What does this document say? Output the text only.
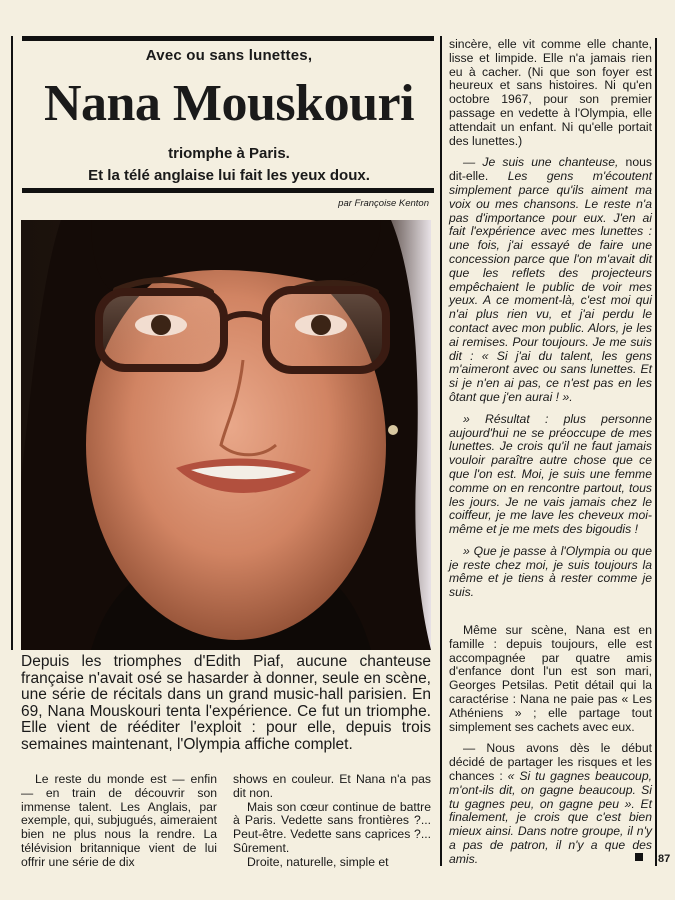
Avec ou sans lunettes,
Nana Mouskouri
triomphe à Paris.
Et la télé anglaise lui fait les yeux doux.
par Françoise Kenton
Depuis les triomphes d'Edith Piaf, aucune chanteuse française n'avait osé se hasarder à donner, seule en scène, une série de récitals dans un grand music-hall parisien. En 69, Nana Mouskouri tenta l'expérience. Ce fut un triomphe. Elle vient de rééditer l'exploit : pour elle, depuis trois semaines maintenant, l'Olympia affiche complet.

Le reste du monde est — enfin — en train de découvrir son immense talent. Les Anglais, par exemple, qui, subjugués, aimeraient bien ne plus nous la rendre. La télévision britannique vient de lui offrir une série de dix

shows en couleur. Et Nana n'a pas dit non.

Mais son cœur continue de battre à Paris. Vedette sans frontières ?... Peut-être. Vedette sans caprices ?... Sûrement.

Droite, naturelle, simple et

sincère, elle vit comme elle chante, lisse et limpide. Elle n'a jamais rien eu à cacher. (Ni que son foyer est heureux et sans histoires. Ni qu'en octobre 1967, pour son premier passage en vedette à l'Olympia, elle attendait un enfant. Ni qu'elle portait des lunettes.)

— Je suis une chanteuse, nous dit-elle. Les gens m'écoutent simplement parce qu'ils aiment ma voix ou mes chansons. Le reste n'a pas d'importance pour eux. J'en ai fait l'expérience avec mes lunettes : une fois, j'ai essayé de faire une concession parce que l'on m'avait dit que les reflets des projecteurs empêchaient le public de voir mes yeux. A ce moment-là, c'est moi qui n'ai plus rien vu, et j'ai perdu le contact avec mon public. Alors, je les ai remises. Pour toujours. Je me suis dit : « Si j'ai du talent, les gens m'aimeront avec ou sans lunettes. Et si je n'en ai pas, ce n'est pas en les ôtant que j'en aurai ! ».

» Résultat : plus personne aujourd'hui ne se préoccupe de mes lunettes. Je crois qu'il ne faut jamais vouloir paraître autre chose que ce que l'on est. Moi, je suis une femme comme on en rencontre partout, tous les jours. Je ne vais jamais chez le coiffeur, je me lave les cheveux moi-même et je me mets des bigoudis !

» Que je passe à l'Olympia ou que je reste chez moi, je suis toujours la même et je tiens à rester comme je suis.

Même sur scène, Nana est en famille : depuis toujours, elle est accompagnée par quatre amis d'enfance dont l'un est son mari, Georges Petsilas. Petit détail qui la caractérise : Nana ne paie pas « Les Athéniens » ; elle partage tout simplement ses cachets avec eux.

— Nous avons dès le début décidé de partager les risques et les chances : « Si tu gagnes beaucoup, m'ont-ils dit, on gagne beaucoup. Si tu gagnes peu, on gagne peu ». Et finalement, je crois que c'est bien mieux ainsi. Dans notre groupe, il n'y a pas de patron, il n'y a que des amis.	87
